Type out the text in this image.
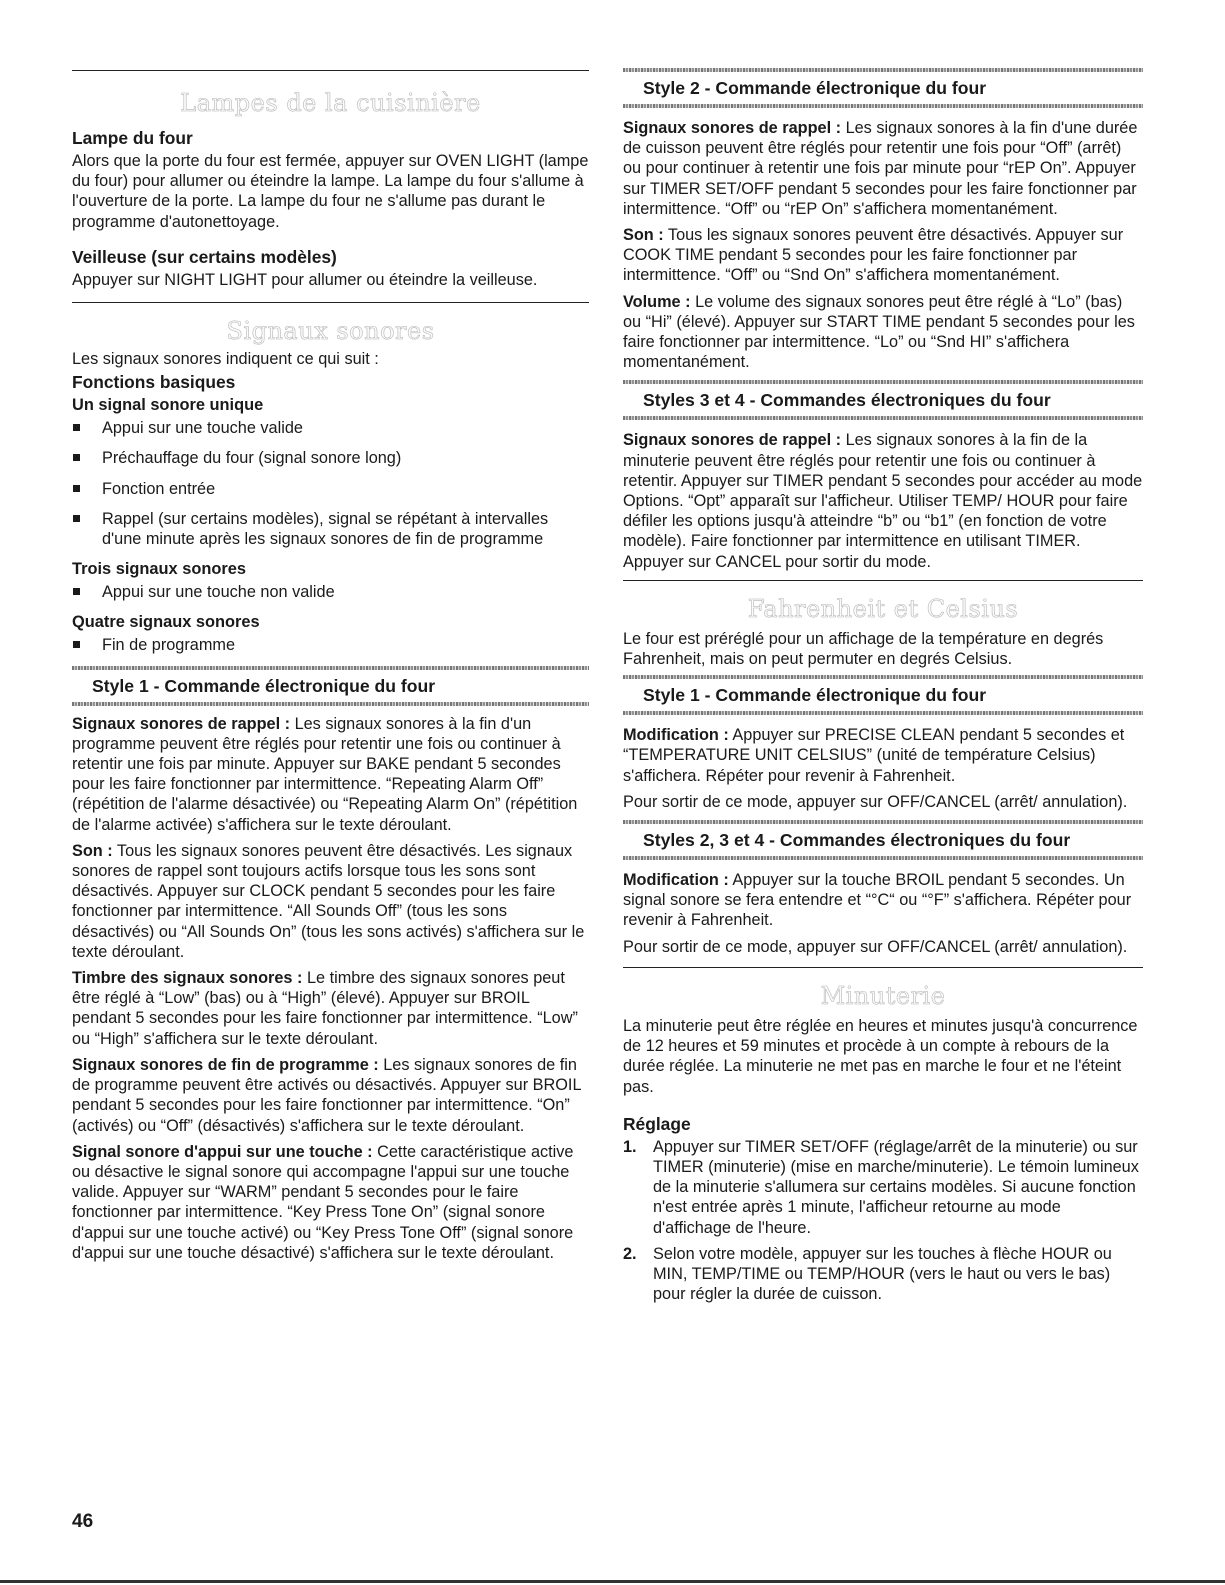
Lampes de la cuisinière
Lampe du four

Alors que la porte du four est fermée, appuyer sur OVEN LIGHT (lampe du four) pour allumer ou éteindre la lampe. La lampe du four s'allume à l'ouverture de la porte. La lampe du four ne s'allume pas durant le programme d'autonettoyage.

Veilleuse (sur certains modèles)

Appuyer sur NIGHT LIGHT pour allumer ou éteindre la veilleuse.

Signaux sonores

Les signaux sonores indiquent ce qui suit :

Fonctions basiques
Un signal sonore unique
Appui sur une touche valide
Préchauffage du four (signal sonore long)
Fonction entrée
Rappel (sur certains modèles), signal se répétant à intervalles d'une minute après les signaux sonores de fin de programme
Trois signaux sonores
Appui sur une touche non valide
Quatre signaux sonores
Fin de programme
Style 1 - Commande électronique du four

Signaux sonores de rappel : Les signaux sonores à la fin d'un programme peuvent être réglés pour retentir une fois ou continuer à retentir une fois par minute. Appuyer sur BAKE pendant 5 secondes pour les faire fonctionner par intermittence. “Repeating Alarm Off” (répétition de l'alarme désactivée) ou “Repeating Alarm On” (répétition de l'alarme activée) s'affichera sur le texte déroulant.

Son : Tous les signaux sonores peuvent être désactivés. Les signaux sonores de rappel sont toujours actifs lorsque tous les sons sont désactivés. Appuyer sur CLOCK pendant 5 secondes pour les faire fonctionner par intermittence. “All Sounds Off” (tous les sons désactivés) ou “All Sounds On” (tous les sons activés) s'affichera sur le texte déroulant.

Timbre des signaux sonores : Le timbre des signaux sonores peut être réglé à “Low” (bas) ou à “High” (élevé). Appuyer sur BROIL pendant 5 secondes pour les faire fonctionner par intermittence. “Low” ou “High” s'affichera sur le texte déroulant.

Signaux sonores de fin de programme : Les signaux sonores de fin de programme peuvent être activés ou désactivés. Appuyer sur BROIL pendant 5 secondes pour les faire fonctionner par intermittence. “On” (activés) ou “Off” (désactivés) s'affichera sur le texte déroulant.

Signal sonore d'appui sur une touche : Cette caractéristique active ou désactive le signal sonore qui accompagne l'appui sur une touche valide. Appuyer sur “WARM” pendant 5 secondes pour le faire fonctionner par intermittence. “Key Press Tone On” (signal sonore d'appui sur une touche activé) ou “Key Press Tone Off” (signal sonore d'appui sur une touche désactivé) s'affichera sur le texte déroulant.

Style 2 - Commande électronique du four

Signaux sonores de rappel : Les signaux sonores à la fin d'une durée de cuisson peuvent être réglés pour retentir une fois pour “Off” (arrêt) ou pour continuer à retentir une fois par minute pour “rEP On”. Appuyer sur TIMER SET/OFF pendant 5 secondes pour les faire fonctionner par intermittence. “Off” ou “rEP On” s'affichera momentanément.

Son : Tous les signaux sonores peuvent être désactivés. Appuyer sur COOK TIME pendant 5 secondes pour les faire fonctionner par intermittence. “Off” ou “Snd On” s'affichera momentanément.

Volume : Le volume des signaux sonores peut être réglé à “Lo” (bas) ou “Hi” (élevé). Appuyer sur START TIME pendant 5 secondes pour les faire fonctionner par intermittence. “Lo” ou “Snd HI” s'affichera momentanément.

Styles 3 et 4 - Commandes électroniques du four

Signaux sonores de rappel : Les signaux sonores à la fin de la minuterie peuvent être réglés pour retentir une fois ou continuer à retentir. Appuyer sur TIMER pendant 5 secondes pour accéder au mode Options. “Opt” apparaît sur l'afficheur. Utiliser TEMP/ HOUR pour faire défiler les options jusqu'à atteindre “b” ou “b1” (en fonction de votre modèle). Faire fonctionner par intermittence en utilisant TIMER. Appuyer sur CANCEL pour sortir du mode.

Fahrenheit et Celsius

Le four est préréglé pour un affichage de la température en degrés Fahrenheit, mais on peut permuter en degrés Celsius.

Style 1 - Commande électronique du four

Modification : Appuyer sur PRECISE CLEAN pendant 5 secondes et “TEMPERATURE UNIT CELSIUS” (unité de température Celsius) s'affichera. Répéter pour revenir à Fahrenheit.

Pour sortir de ce mode, appuyer sur OFF/CANCEL (arrêt/ annulation).

Styles 2, 3 et 4 - Commandes électroniques du four

Modification : Appuyer sur la touche BROIL pendant 5 secondes. Un signal sonore se fera entendre et “°C“ ou “°F” s'affichera. Répéter pour revenir à Fahrenheit.

Pour sortir de ce mode, appuyer sur OFF/CANCEL (arrêt/ annulation).

Minuterie

La minuterie peut être réglée en heures et minutes jusqu'à concurrence de 12 heures et 59 minutes et procède à un compte à rebours de la durée réglée. La minuterie ne met pas en marche le four et ne l'éteint pas.

Réglage
1. Appuyer sur TIMER SET/OFF (réglage/arrêt de la minuterie) ou sur TIMER (minuterie) (mise en marche/minuterie). Le témoin lumineux de la minuterie s'allumera sur certains modèles. Si aucune fonction n'est entrée après 1 minute, l'afficheur retourne au mode d'affichage de l'heure.
2. Selon votre modèle, appuyer sur les touches à flèche HOUR ou MIN, TEMP/TIME ou TEMP/HOUR (vers le haut ou vers le bas) pour régler la durée de cuisson.
46
